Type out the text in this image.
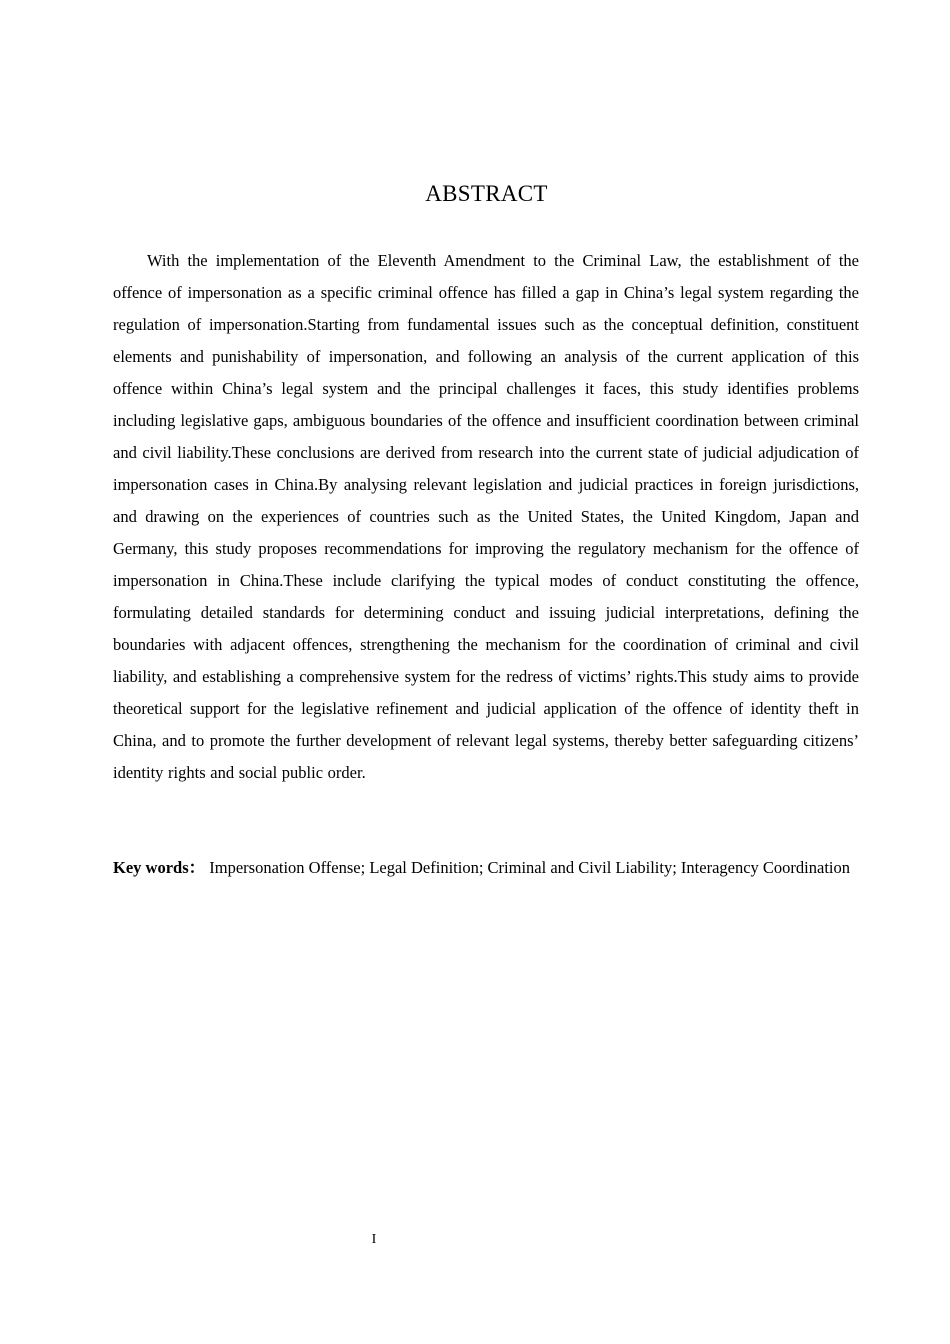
ABSTRACT

With the implementation of the Eleventh Amendment to the Criminal Law, the establishment of the offence of impersonation as a specific criminal offence has filled a gap in China’s legal system regarding the regulation of impersonation.Starting from fundamental issues such as the conceptual definition, constituent elements and punishability of impersonation, and following an analysis of the current application of this offence within China’s legal system and the principal challenges it faces, this study identifies problems including legislative gaps, ambiguous boundaries of the offence and insufficient coordination between criminal and civil liability.These conclusions are derived from research into the current state of judicial adjudication of impersonation cases in China.By analysing relevant legislation and judicial practices in foreign jurisdictions, and drawing on the experiences of countries such as the United States, the United Kingdom, Japan and Germany, this study proposes recommendations for improving the regulatory mechanism for the offence of impersonation in China.These include clarifying the typical modes of conduct constituting the offence, formulating detailed standards for determining conduct and issuing judicial interpretations, defining the boundaries with adjacent offences, strengthening the mechanism for the coordination of criminal and civil liability, and establishing a comprehensive system for the redress of victims’ rights.This study aims to provide theoretical support for the legislative refinement and judicial application of the offence of identity theft in China, and to promote the further development of relevant legal systems, thereby better safeguarding citizens’ identity rights and social public order.

Key words： Impersonation Offense; Legal Definition; Criminal and Civil Liability; Interagency Coordination

I
